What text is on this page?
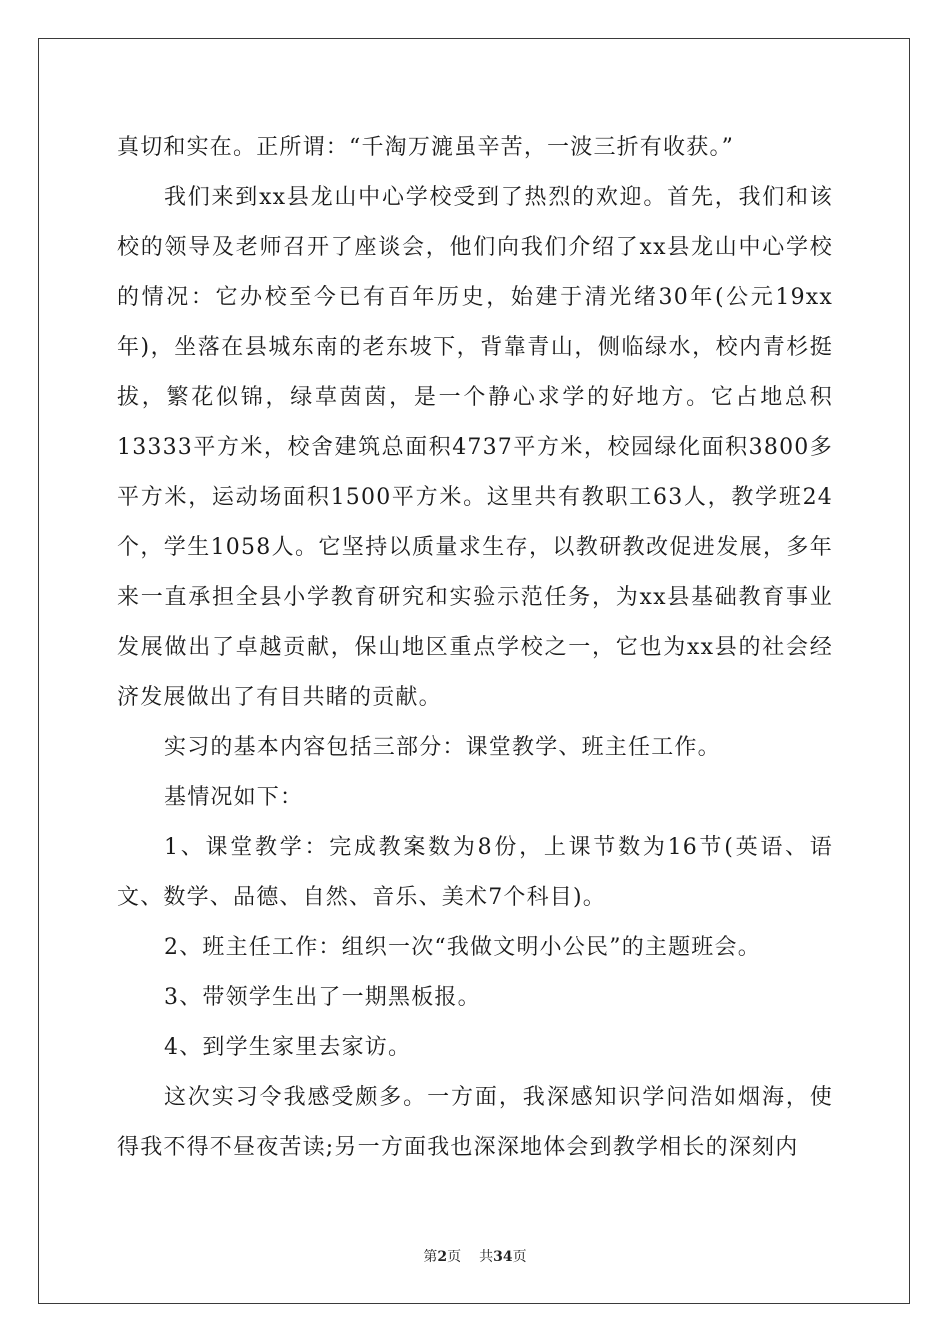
真切和实在。正所谓：“千淘万漉虽辛苦，一波三折有收获。”

我们来到xx县龙山中心学校受到了热烈的欢迎。首先，我们和该校的领导及老师召开了座谈会，他们向我们介绍了xx县龙山中心学校的情况：它办校至今已有百年历史，始建于清光绪30年(公元19xx年)，坐落在县城东南的老东坡下，背靠青山，侧临绿水，校内青杉挺拔，繁花似锦，绿草茵茵，是一个静心求学的好地方。它占地总积13333平方米，校舍建筑总面积4737平方米，校园绿化面积3800多平方米，运动场面积1500平方米。这里共有教职工63人，教学班24个，学生1058人。它坚持以质量求生存，以教研教改促进发展，多年来一直承担全县小学教育研究和实验示范任务，为xx县基础教育事业发展做出了卓越贡献，保山地区重点学校之一，它也为xx县的社会经济发展做出了有目共睹的贡献。

实习的基本内容包括三部分：课堂教学、班主任工作。

基情况如下：

1、课堂教学：完成教案数为8份，上课节数为16节(英语、语文、数学、品德、自然、音乐、美术7个科目)。

2、班主任工作：组织一次“我做文明小公民”的主题班会。

3、带领学生出了一期黑板报。

4、到学生家里去家访。

这次实习令我感受颇多。一方面，我深感知识学问浩如烟海，使得我不得不昼夜苦读;另一方面我也深深地体会到教学相长的深刻内

第2页 共34页
